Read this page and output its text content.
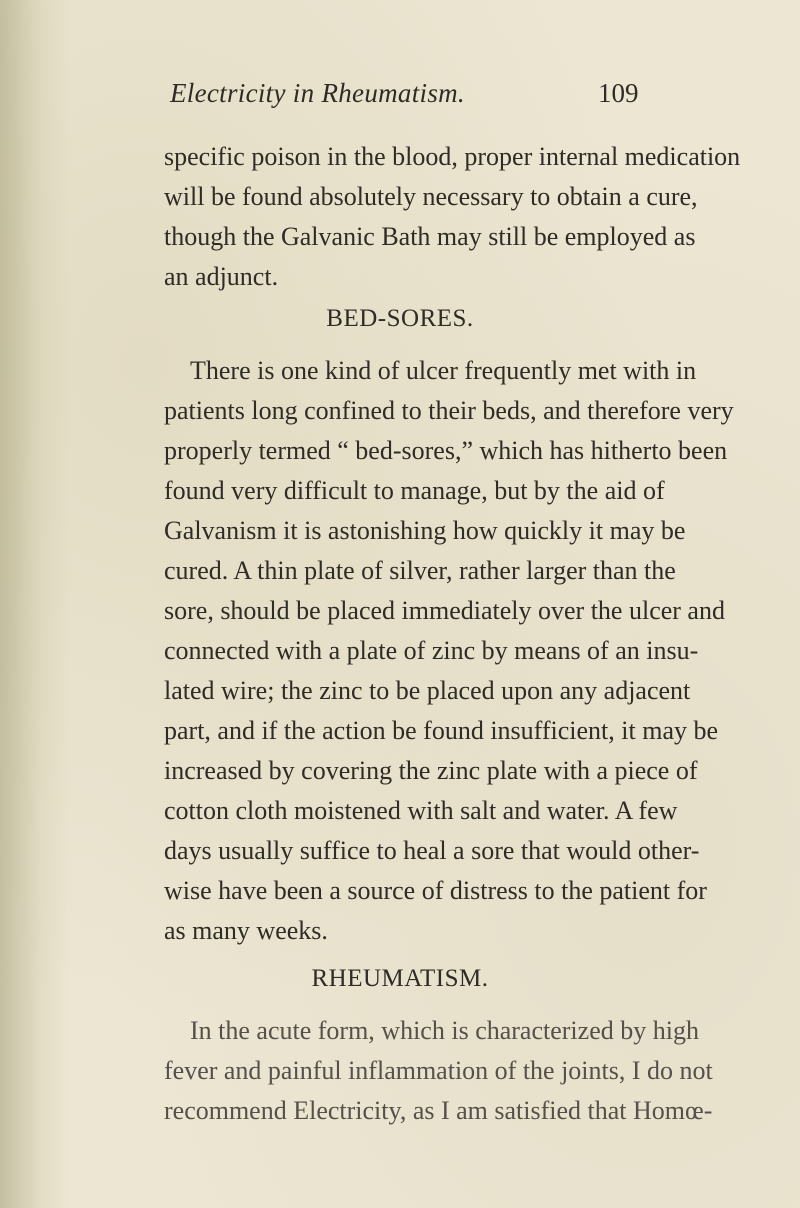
Electricity in Rheumatism.	109
specific poison in the blood, proper internal medication
will be found absolutely necessary to obtain a cure,
though the Galvanic Bath may still be employed as
an adjunct.
BED-SORES.
There is one kind of ulcer frequently met with in
patients long confined to their beds, and therefore very
properly termed “ bed-sores,” which has hitherto been
found very difficult to manage, but by the aid of
Galvanism it is astonishing how quickly it may be
cured. A thin plate of silver, rather larger than the
sore, should be placed immediately over the ulcer and
connected with a plate of zinc by means of an insu-
lated wire; the zinc to be placed upon any adjacent
part, and if the action be found insufficient, it may be
increased by covering the zinc plate with a piece of
cotton cloth moistened with salt and water. A few
days usually suffice to heal a sore that would other-
wise have been a source of distress to the patient for
as many weeks.
RHEUMATISM.
In the acute form, which is characterized by high
fever and painful inflammation of the joints, I do not
recommend Electricity, as I am satisfied that Homœ-
